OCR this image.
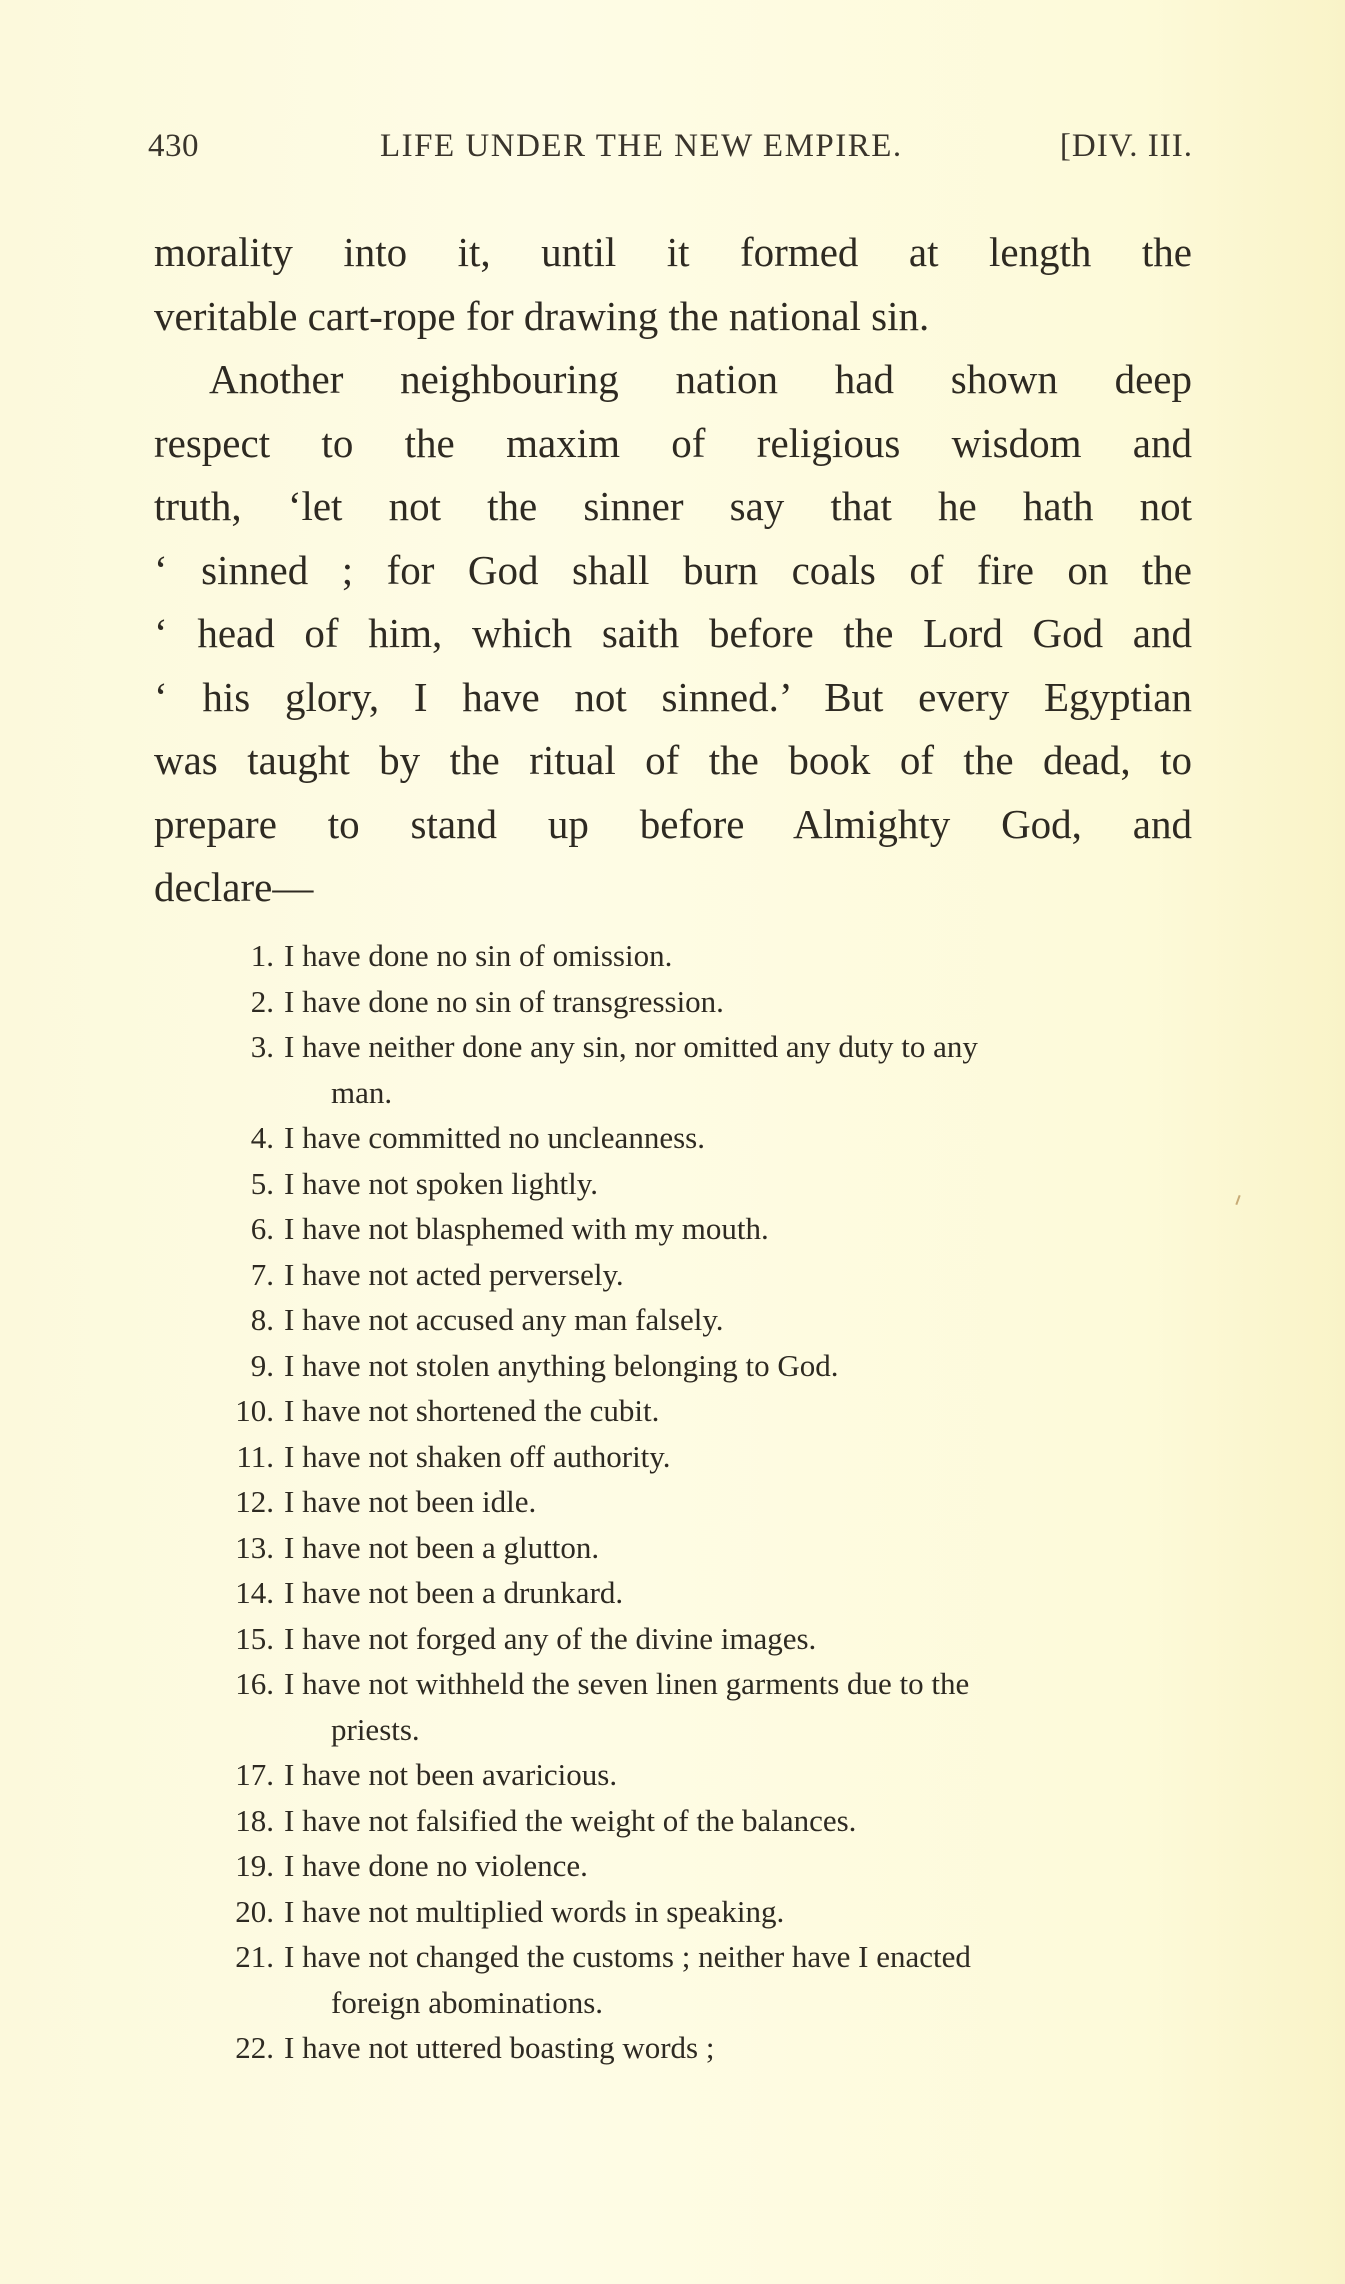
430	LIFE UNDER THE NEW EMPIRE.	[DIV. III.
morality into it, until it formed at length the
veritable cart-rope for drawing the national sin.
Another neighbouring nation had shown deep
respect to the maxim of religious wisdom and
truth, ‘let not the sinner say that he hath not
‘ sinned ; for God shall burn coals of fire on the
‘ head of him, which saith before the Lord God and
‘ his glory, I have not sinned.’ But every Egyptian
was taught by the ritual of the book of the dead, to
prepare to stand up before Almighty God, and
declare—
1. I have done no sin of omission.
2. I have done no sin of transgression.
3. I have neither done any sin, nor omitted any duty to any
man.
4. I have committed no uncleanness.
5. I have not spoken lightly.
6. I have not blasphemed with my mouth.
7. I have not acted perversely.
8. I have not accused any man falsely.
9. I have not stolen anything belonging to God.
10. I have not shortened the cubit.
11. I have not shaken off authority.
12. I have not been idle.
13. I have not been a glutton.
14. I have not been a drunkard.
15. I have not forged any of the divine images.
16. I have not withheld the seven linen garments due to the
priests.
17. I have not been avaricious.
18. I have not falsified the weight of the balances.
19. I have done no violence.
20. I have not multiplied words in speaking.
21. I have not changed the customs ; neither have I enacted
foreign abominations.
22. I have not uttered boasting words ;
